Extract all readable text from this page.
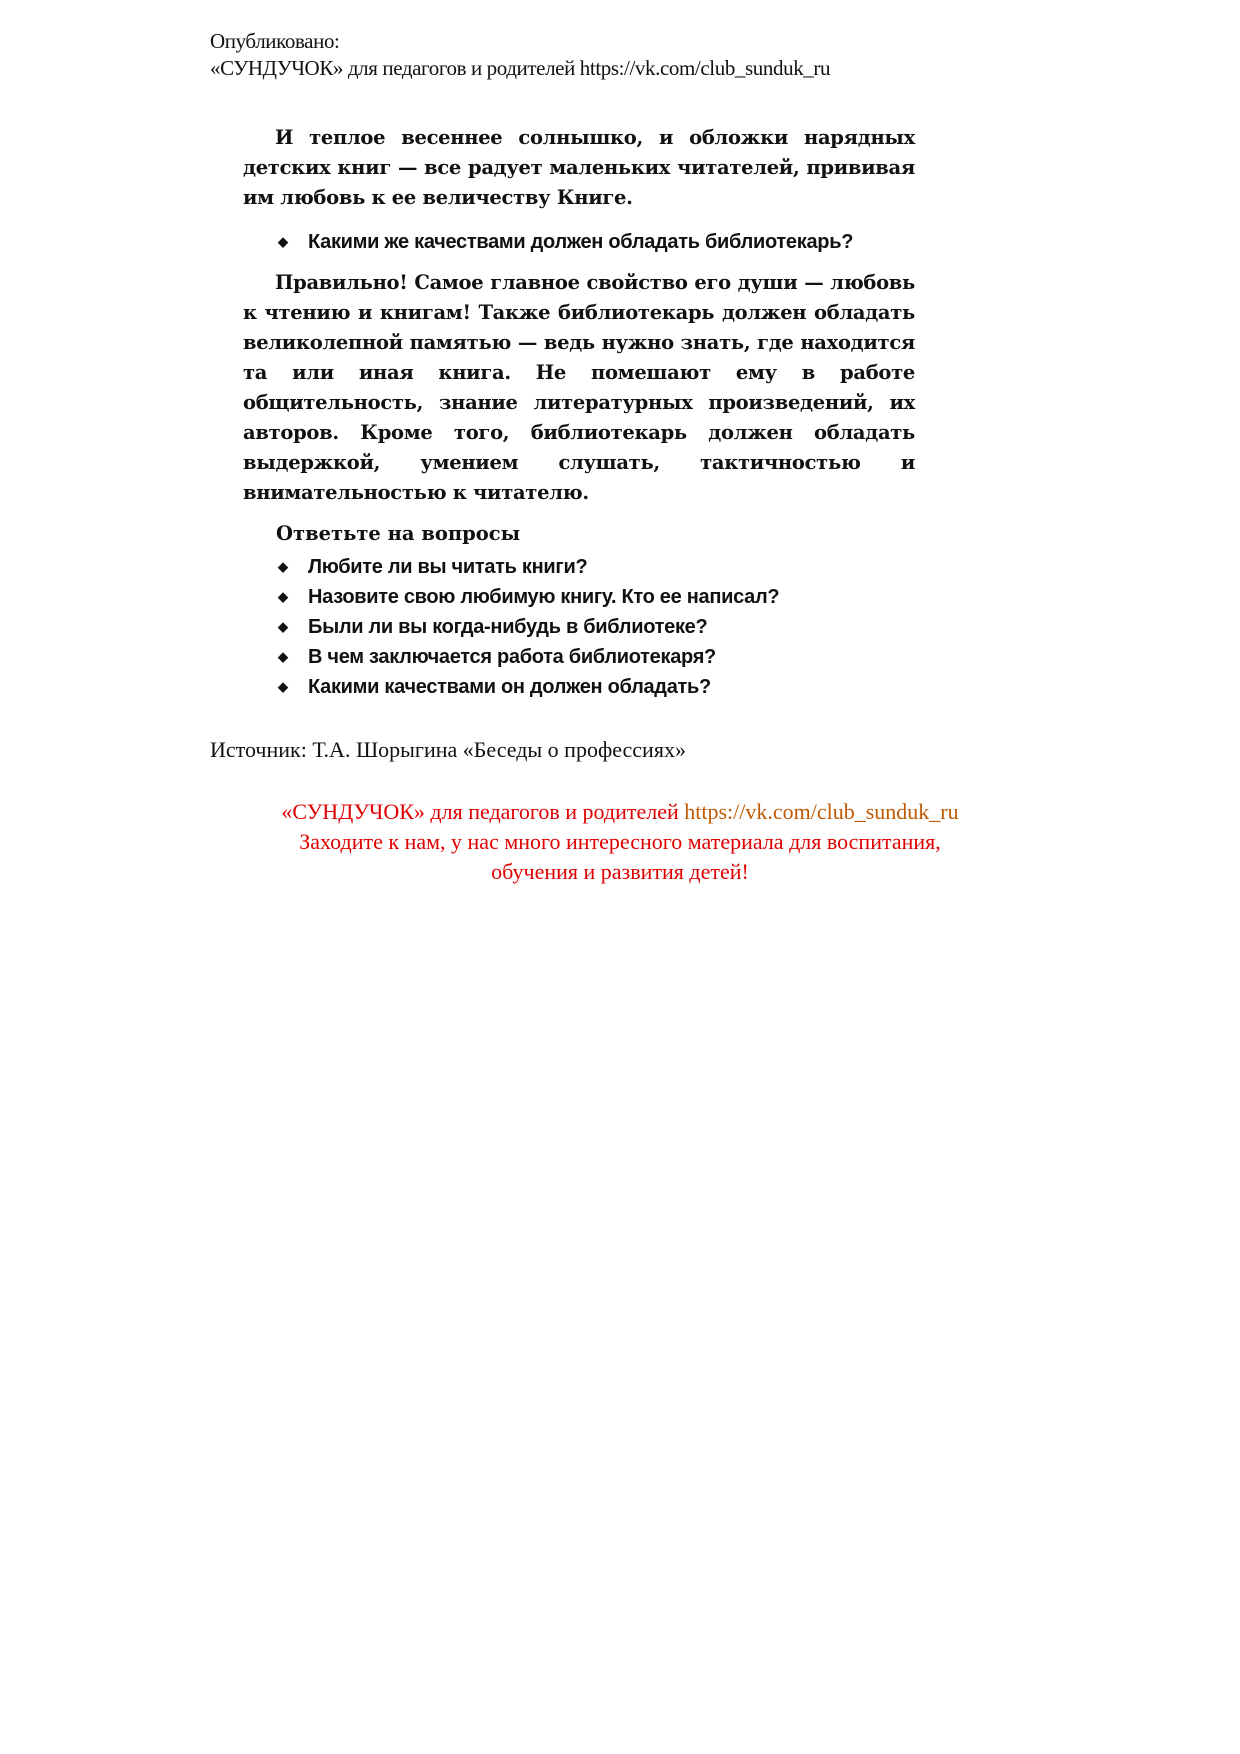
Опубликовано:
«СУНДУЧОК» для педагогов и родителей https://vk.com/club_sunduk_ru

И теплое весеннее солнышко, и обложки нарядных детских книг — все радует маленьких читателей, прививая им любовь к ее величеству Книге.

◆ Какими же качествами должен обладать библиотекарь?

Правильно! Самое главное свойство его души — любовь к чтению и книгам! Также библиотекарь должен обладать великолепной памятью — ведь нужно знать, где находится та или иная книга. Не помешают ему в работе общительность, знание литературных произведений, их авторов. Кроме того, библиотекарь должен обладать выдержкой, умением слушать, тактичностью и внимательностью к читателю.

Ответьте на вопросы
◆ Любите ли вы читать книги?
◆ Назовите свою любимую книгу. Кто ее написал?
◆ Были ли вы когда-нибудь в библиотеке?
◆ В чем заключается работа библиотекаря?
◆ Какими качествами он должен обладать?
Источник: Т.А. Шорыгина «Беседы о профессиях»
«СУНДУЧОК» для педагогов и родителей https://vk.com/club_sunduk_ru
Заходите к нам, у нас много интересного материала для воспитания,
обучения и развития детей!
